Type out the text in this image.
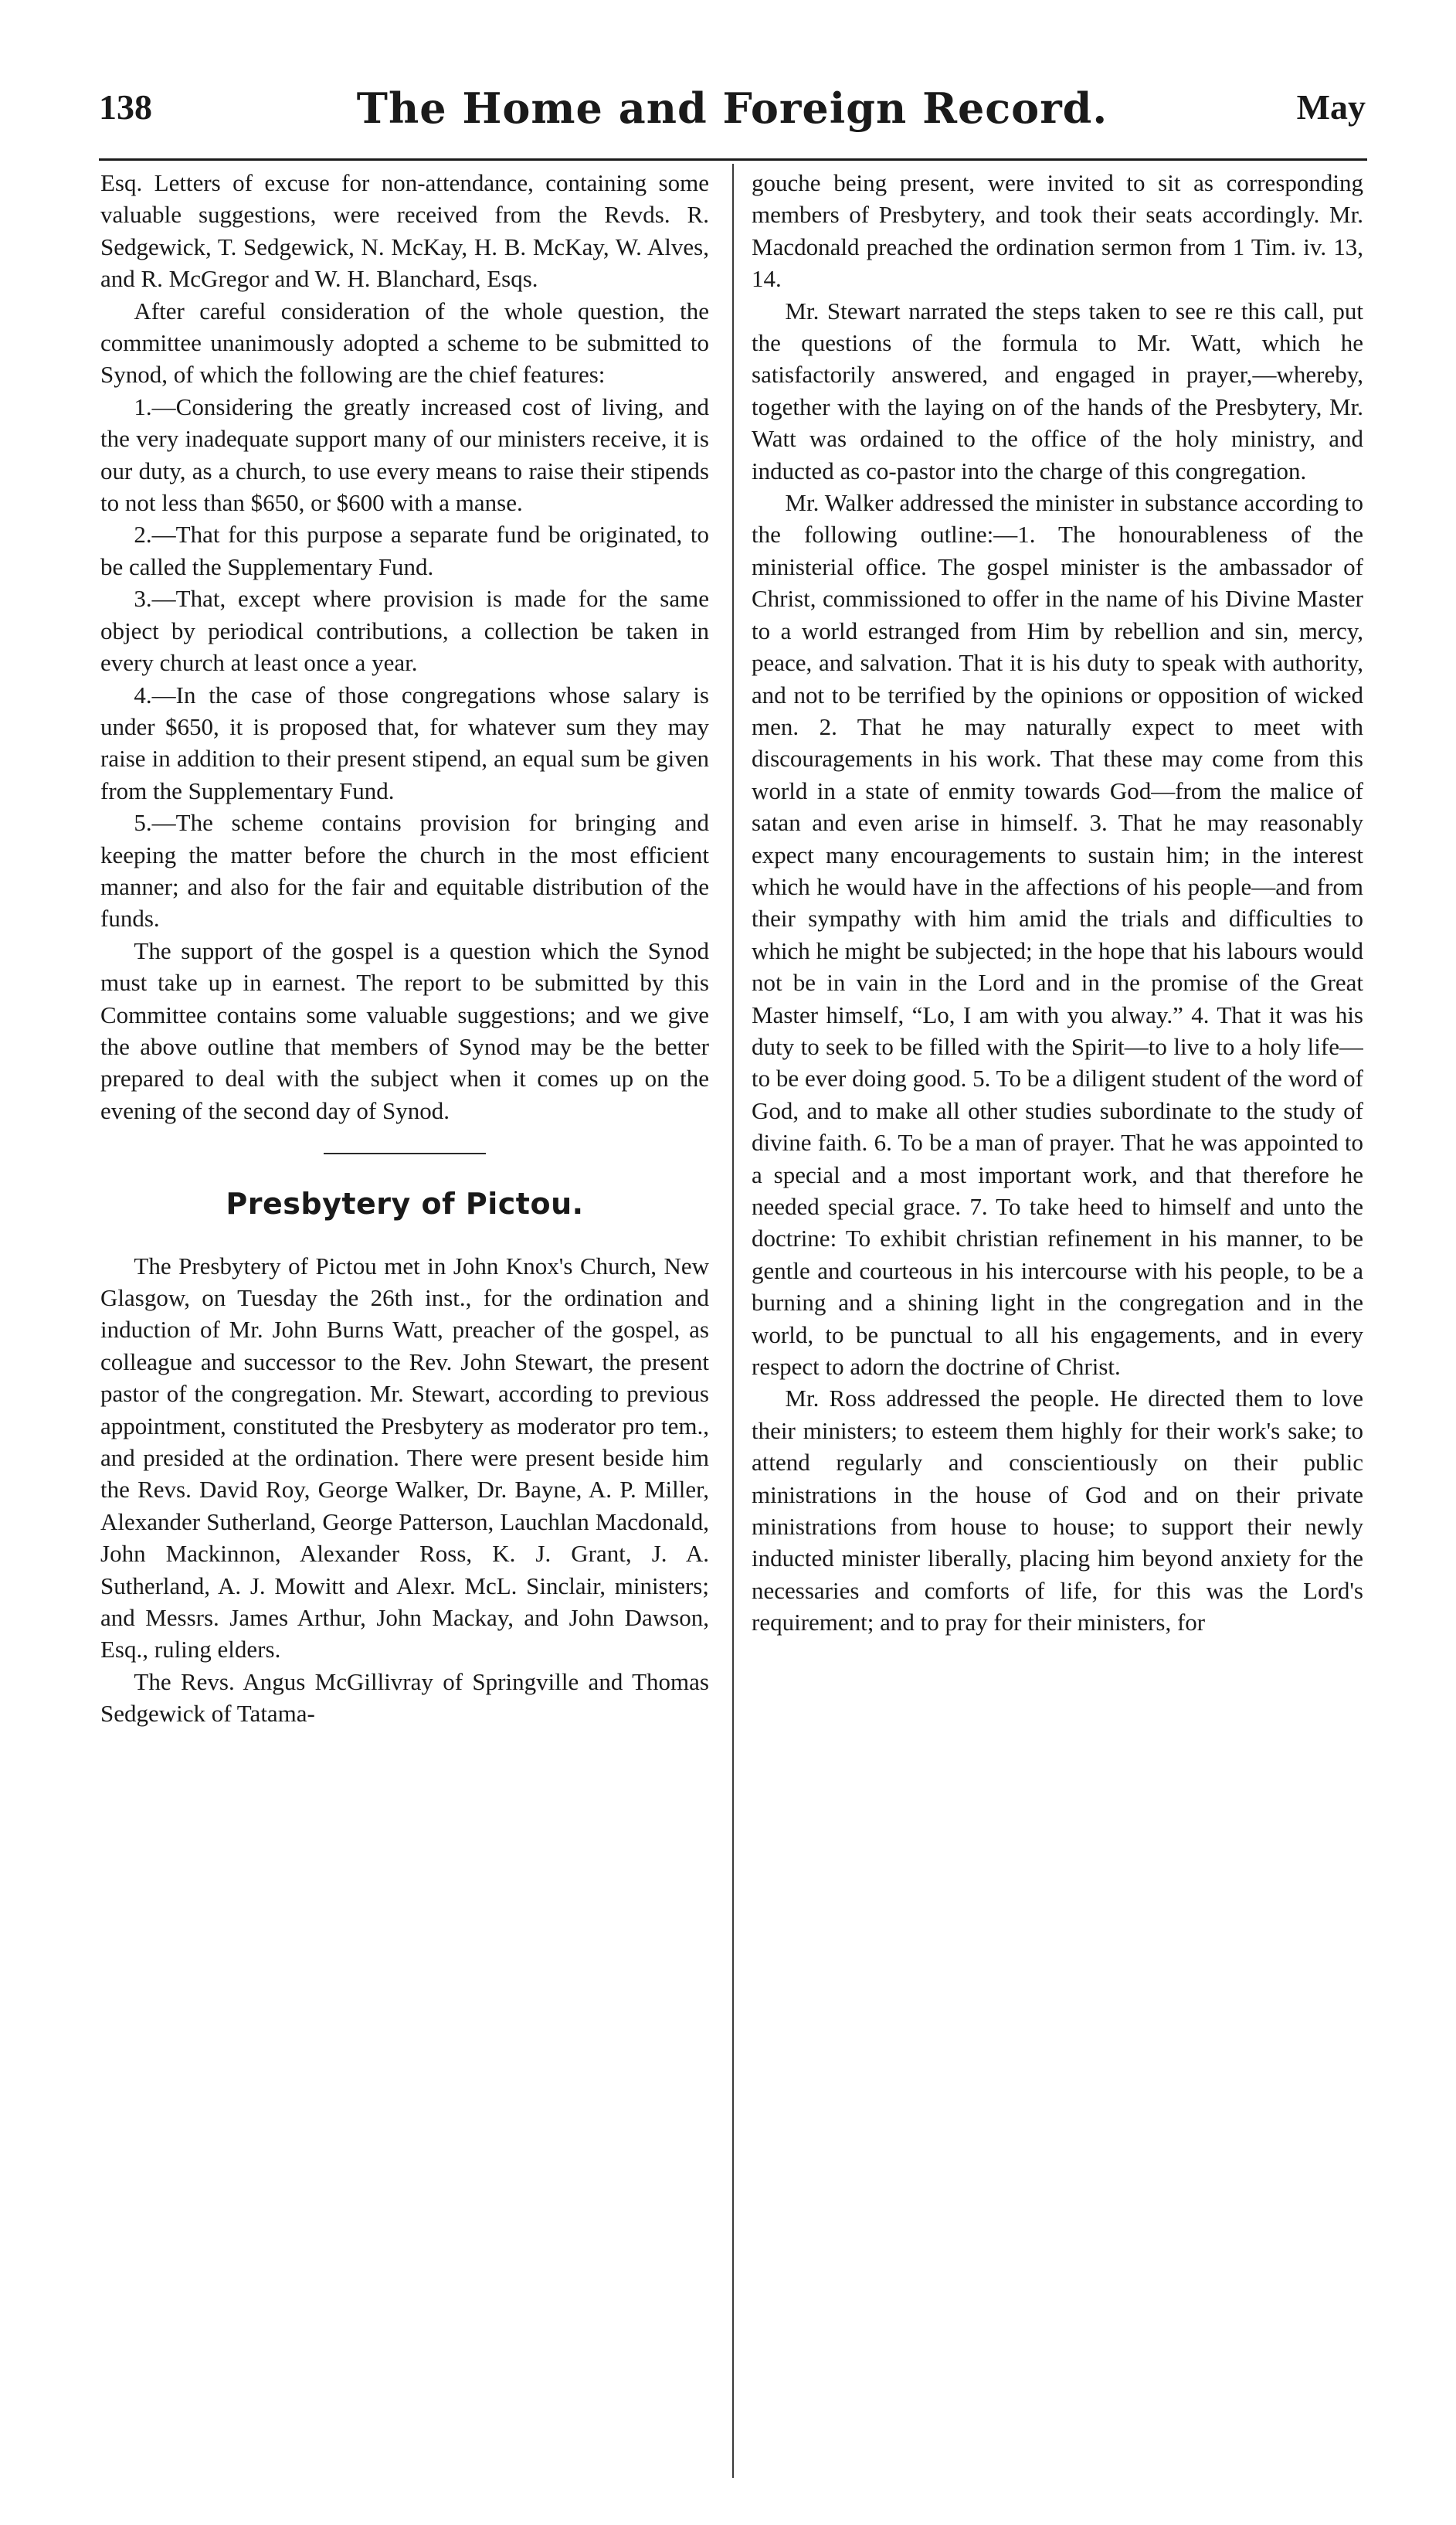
138	The Home and Foreign Record.	May

Esq. Letters of excuse for non-attendance, containing some valuable suggestions, were received from the Revds. R. Sedgewick, T. Sedgewick, N. McKay, H. B. McKay, W. Alves, and R. McGregor and W. H. Blanchard, Esqs.

After careful consideration of the whole question, the committee unanimously adopted a scheme to be submitted to Synod, of which the following are the chief features:

1.—Considering the greatly increased cost of living, and the very inadequate support many of our ministers receive, it is our duty, as a church, to use every means to raise their stipends to not less than $650, or $600 with a manse.

2.—That for this purpose a separate fund be originated, to be called the Supplementary Fund.

3.—That, except where provision is made for the same object by periodical contributions, a collection be taken in every church at least once a year.

4.—In the case of those congregations whose salary is under $650, it is proposed that, for whatever sum they may raise in addition to their present stipend, an equal sum be given from the Supplementary Fund.

5.—The scheme contains provision for bringing and keeping the matter before the church in the most efficient manner; and also for the fair and equitable distribution of the funds.

The support of the gospel is a question which the Synod must take up in earnest. The report to be submitted by this Committee contains some valuable suggestions; and we give the above outline that members of Synod may be the better prepared to deal with the subject when it comes up on the evening of the second day of Synod.

Presbytery of Pictou.

The Presbytery of Pictou met in John Knox's Church, New Glasgow, on Tuesday the 26th inst., for the ordination and induction of Mr. John Burns Watt, preacher of the gospel, as colleague and successor to the Rev. John Stewart, the present pastor of the congregation. Mr. Stewart, according to previous appointment, constituted the Presbytery as moderator pro tem., and presided at the ordination. There were present beside him the Revs. David Roy, George Walker, Dr. Bayne, A. P. Miller, Alexander Sutherland, George Patterson, Lauchlan Macdonald, John Mackinnon, Alexander Ross, K. J. Grant, J. A. Sutherland, A. J. Mowitt and Alexr. McL. Sinclair, ministers; and Messrs. James Arthur, John Mackay, and John Dawson, Esq., ruling elders.

The Revs. Angus McGillivray of Springville and Thomas Sedgewick of Tatama-

gouche being present, were invited to sit as corresponding members of Presbytery, and took their seats accordingly. Mr. Macdonald preached the ordination sermon from 1 Tim. iv. 13, 14.

Mr. Stewart narrated the steps taken to see re this call, put the questions of the formula to Mr. Watt, which he satisfactorily answered, and engaged in prayer,—whereby, together with the laying on of the hands of the Presbytery, Mr. Watt was ordained to the office of the holy ministry, and inducted as co-pastor into the charge of this congregation.

Mr. Walker addressed the minister in substance according to the following outline:—1. The honourableness of the ministerial office. The gospel minister is the ambassador of Christ, commissioned to offer in the name of his Divine Master to a world estranged from Him by rebellion and sin, mercy, peace, and salvation. That it is his duty to speak with authority, and not to be terrified by the opinions or opposition of wicked men. 2. That he may naturally expect to meet with discouragements in his work. That these may come from this world in a state of enmity towards God—from the malice of satan and even arise in himself. 3. That he may reasonably expect many encouragements to sustain him; in the interest which he would have in the affections of his people—and from their sympathy with him amid the trials and difficulties to which he might be subjected; in the hope that his labours would not be in vain in the Lord and in the promise of the Great Master himself, “Lo, I am with you alway.” 4. That it was his duty to seek to be filled with the Spirit—to live to a holy life—to be ever doing good. 5. To be a diligent student of the word of God, and to make all other studies subordinate to the study of divine faith. 6. To be a man of prayer. That he was appointed to a special and a most important work, and that therefore he needed special grace. 7. To take heed to himself and unto the doctrine: To exhibit christian refinement in his manner, to be gentle and courteous in his intercourse with his people, to be a burning and a shining light in the congregation and in the world, to be punctual to all his engagements, and in every respect to adorn the doctrine of Christ.

Mr. Ross addressed the people. He directed them to love their ministers; to esteem them highly for their work's sake; to attend regularly and conscientiously on their public ministrations in the house of God and on their private ministrations from house to house; to support their newly inducted minister liberally, placing him beyond anxiety for the necessaries and comforts of life, for this was the Lord's requirement; and to pray for their ministers, for
